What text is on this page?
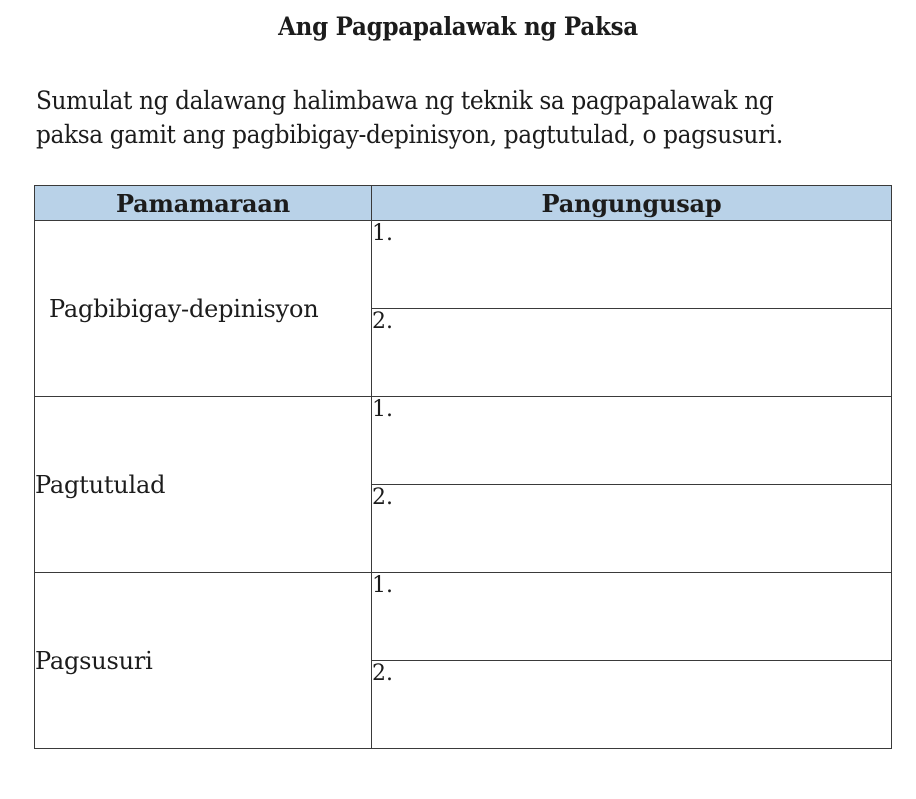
Ang Pagpapalawak ng Paksa
Sumulat ng dalawang halimbawa ng teknik sa pagpapalawak ng
paksa gamit ang pagbibigay-depinisyon, pagtutulad, o pagsusuri.
Pamamaraan	Pangungusap
Pagbibigay-depinisyon	1.
	2.
Pagtutulad	1.
	2.
Pagsusuri	1.
	2.
